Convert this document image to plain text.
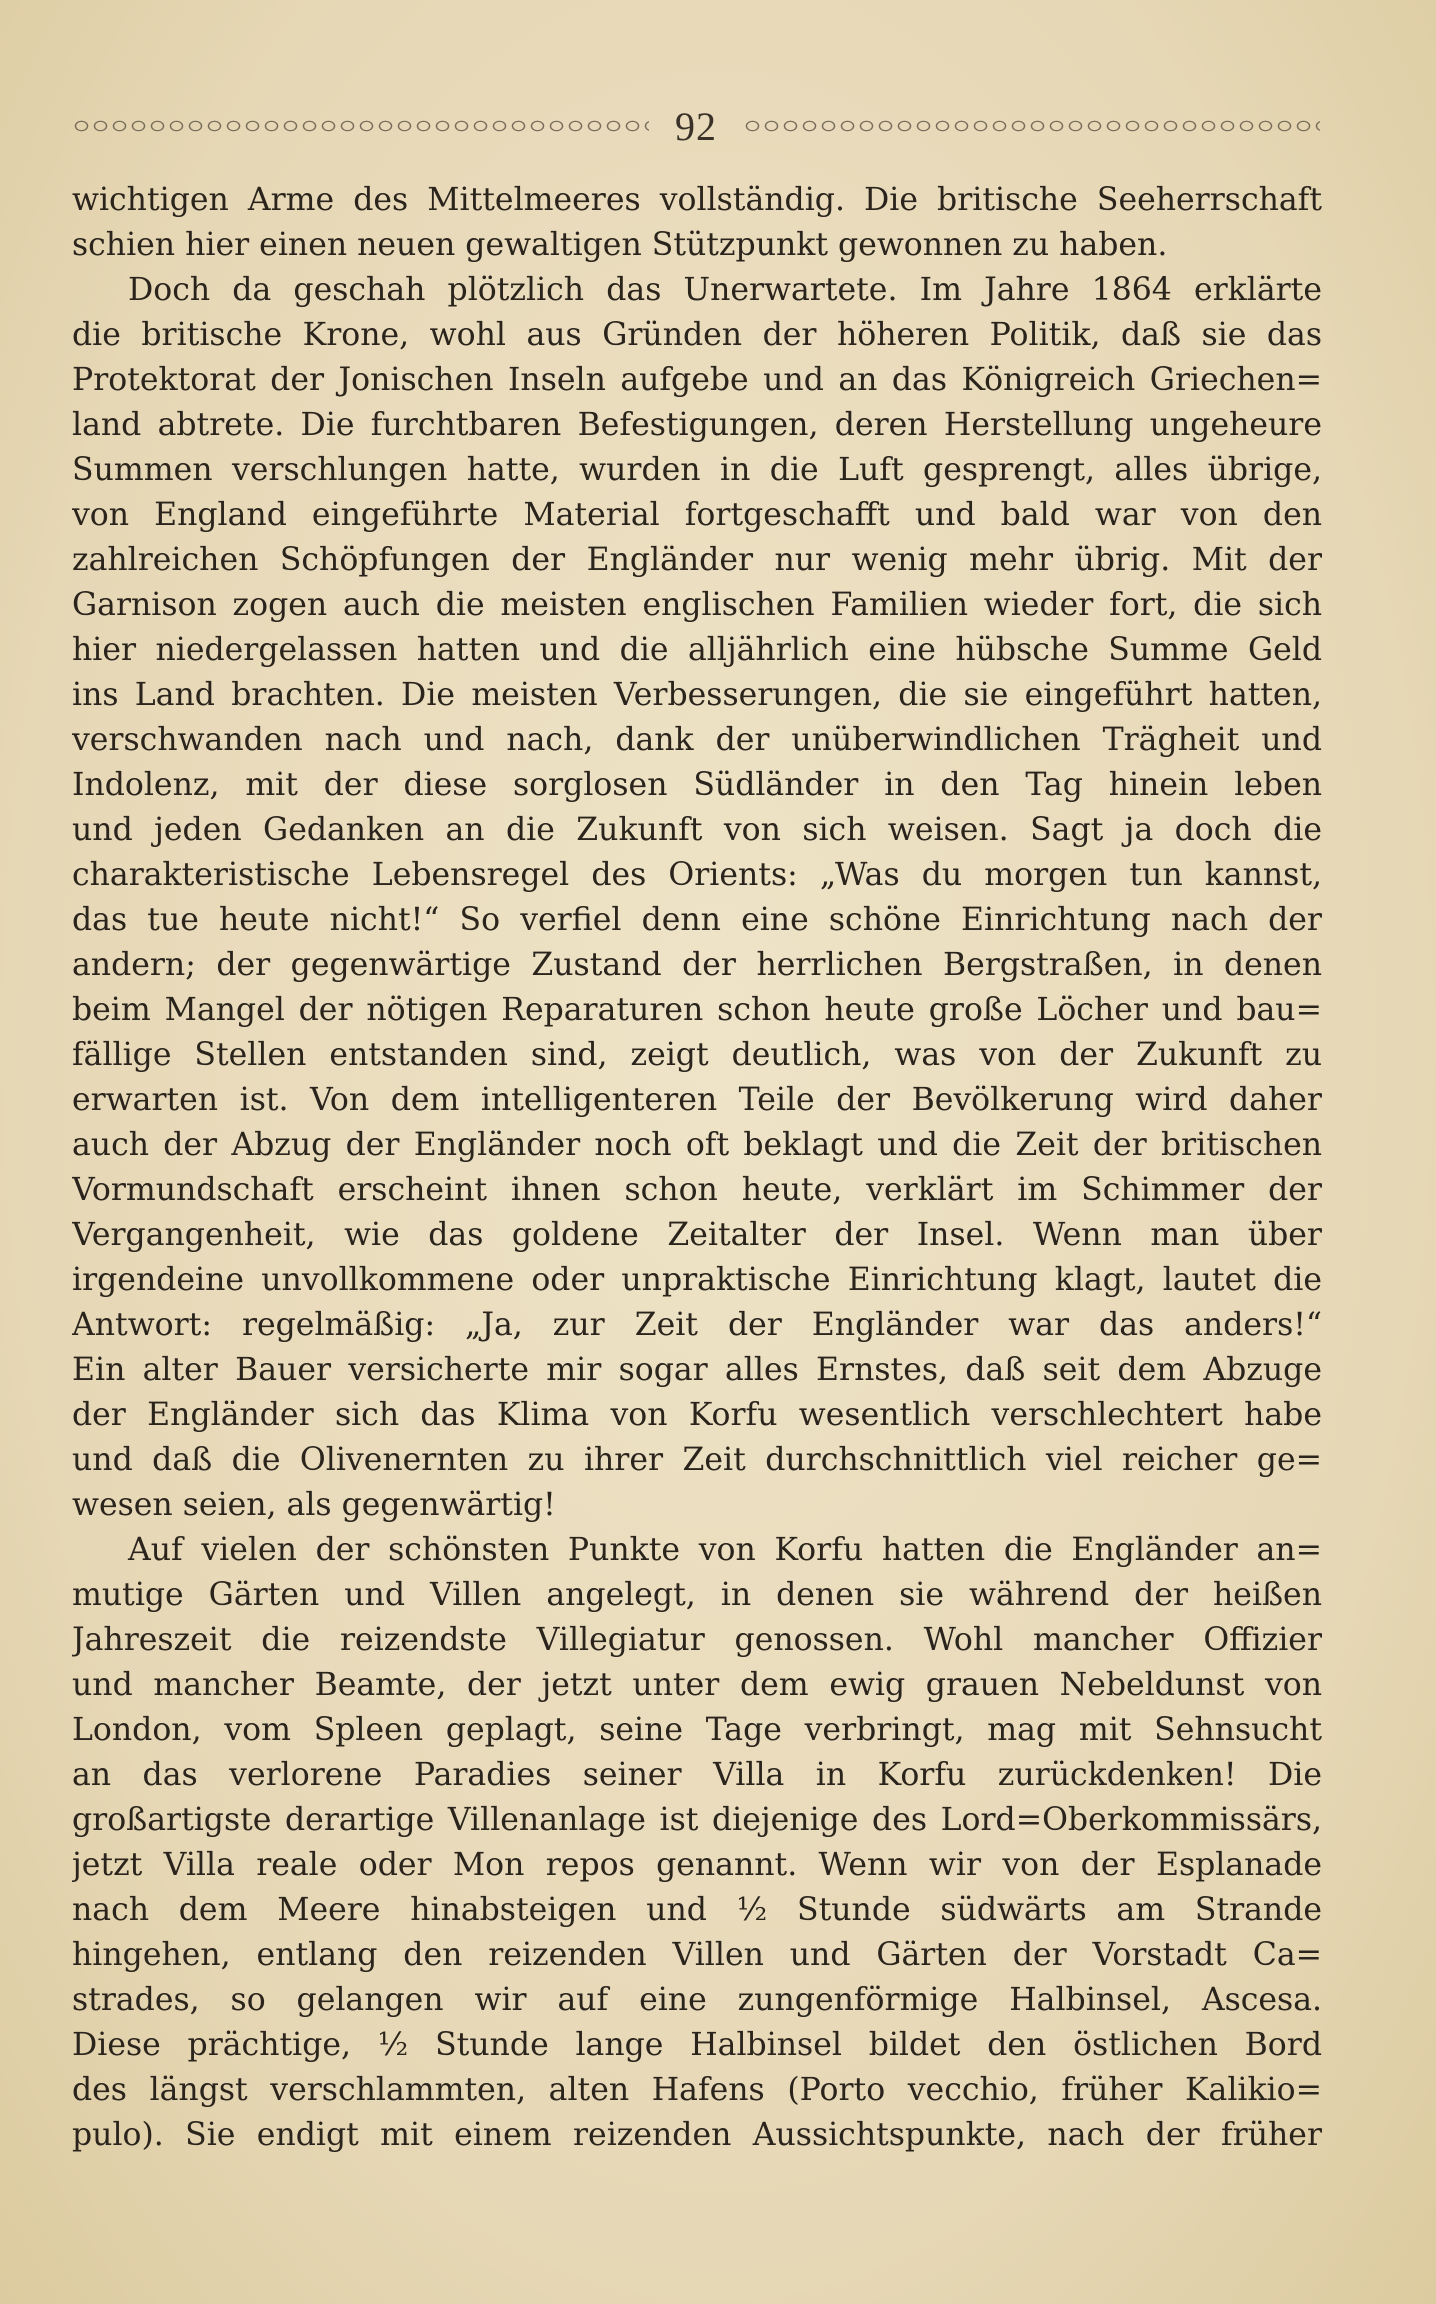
92
wichtigen Arme des Mittelmeeres vollständig. Die britische Seeherrschaft
schien hier einen neuen gewaltigen Stützpunkt gewonnen zu haben.
Doch da geschah plötzlich das Unerwartete. Im Jahre 1864 erklärte
die britische Krone, wohl aus Gründen der höheren Politik, daß sie das
Protektorat der Jonischen Inseln aufgebe und an das Königreich Griechen=
land abtrete. Die furchtbaren Befestigungen, deren Herstellung ungeheure
Summen verschlungen hatte, wurden in die Luft gesprengt, alles übrige,
von England eingeführte Material fortgeschafft und bald war von den
zahlreichen Schöpfungen der Engländer nur wenig mehr übrig. Mit der
Garnison zogen auch die meisten englischen Familien wieder fort, die sich
hier niedergelassen hatten und die alljährlich eine hübsche Summe Geld
ins Land brachten. Die meisten Verbesserungen, die sie eingeführt hatten,
verschwanden nach und nach, dank der unüberwindlichen Trägheit und
Indolenz, mit der diese sorglosen Südländer in den Tag hinein leben
und jeden Gedanken an die Zukunft von sich weisen. Sagt ja doch die
charakteristische Lebensregel des Orients: „Was du morgen tun kannst,
das tue heute nicht!“ So verfiel denn eine schöne Einrichtung nach der
andern; der gegenwärtige Zustand der herrlichen Bergstraßen, in denen
beim Mangel der nötigen Reparaturen schon heute große Löcher und bau=
fällige Stellen entstanden sind, zeigt deutlich, was von der Zukunft zu
erwarten ist. Von dem intelligenteren Teile der Bevölkerung wird daher
auch der Abzug der Engländer noch oft beklagt und die Zeit der britischen
Vormundschaft erscheint ihnen schon heute, verklärt im Schimmer der
Vergangenheit, wie das goldene Zeitalter der Insel. Wenn man über
irgendeine unvollkommene oder unpraktische Einrichtung klagt, lautet die
Antwort: regelmäßig: „Ja, zur Zeit der Engländer war das anders!“
Ein alter Bauer versicherte mir sogar alles Ernstes, daß seit dem Abzuge
der Engländer sich das Klima von Korfu wesentlich verschlechtert habe
und daß die Olivenernten zu ihrer Zeit durchschnittlich viel reicher ge=
wesen seien, als gegenwärtig!
Auf vielen der schönsten Punkte von Korfu hatten die Engländer an=
mutige Gärten und Villen angelegt, in denen sie während der heißen
Jahreszeit die reizendste Villegiatur genossen. Wohl mancher Offizier
und mancher Beamte, der jetzt unter dem ewig grauen Nebeldunst von
London, vom Spleen geplagt, seine Tage verbringt, mag mit Sehnsucht
an das verlorene Paradies seiner Villa in Korfu zurückdenken! Die
großartigste derartige Villenanlage ist diejenige des Lord=Oberkommissärs,
jetzt Villa reale oder Mon repos genannt. Wenn wir von der Esplanade
nach dem Meere hinabsteigen und ½ Stunde südwärts am Strande
hingehen, entlang den reizenden Villen und Gärten der Vorstadt Ca=
strades, so gelangen wir auf eine zungenförmige Halbinsel, Ascesa.
Diese prächtige, ½ Stunde lange Halbinsel bildet den östlichen Bord
des längst verschlammten, alten Hafens (Porto vecchio, früher Kalikio=
pulo). Sie endigt mit einem reizenden Aussichtspunkte, nach der früher
